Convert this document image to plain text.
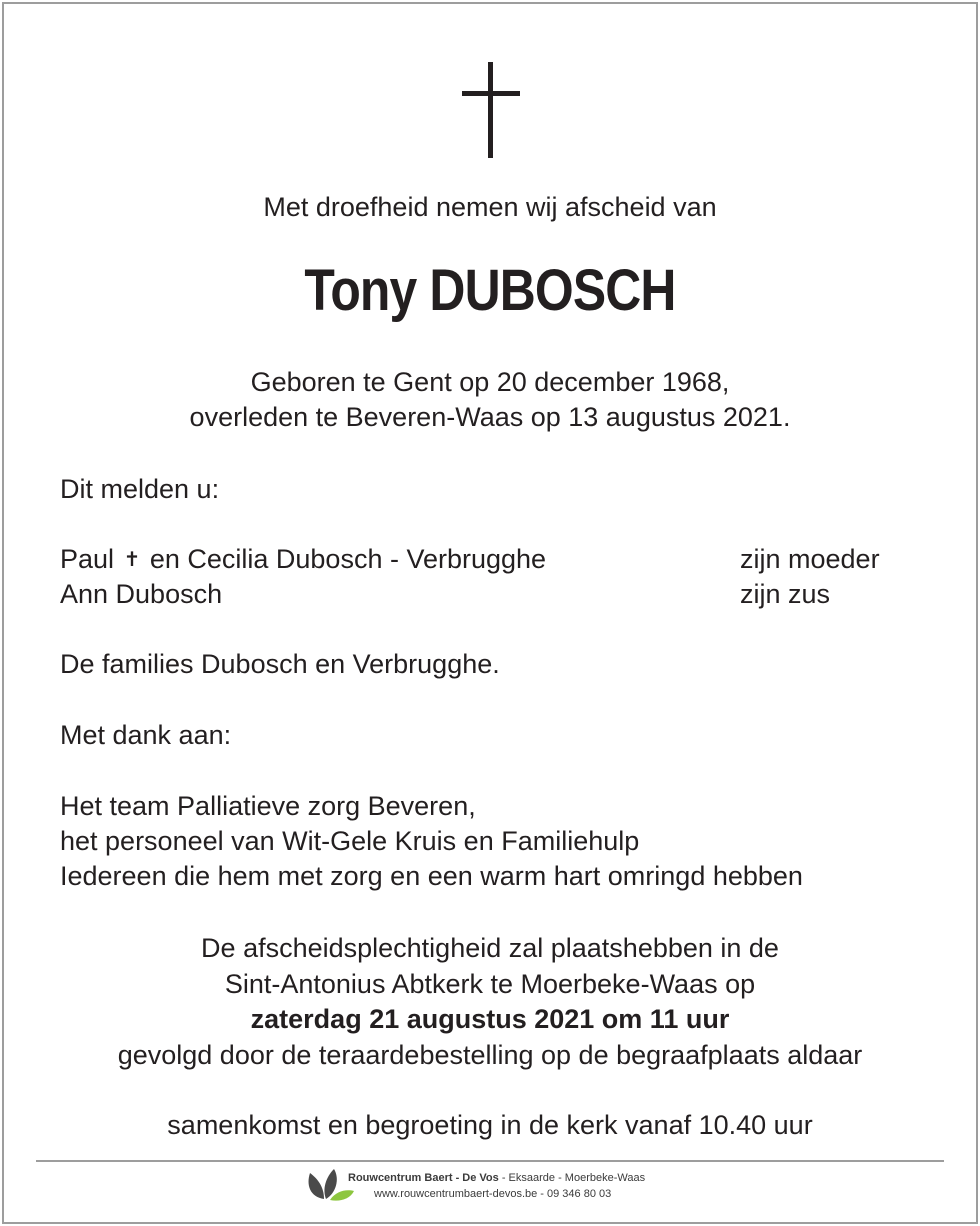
Met droefheid nemen wij afscheid van
Tony DUBOSCH
Geboren te Gent op 20 december 1968,
overleden te Beveren-Waas op 13 augustus 2021.
Dit melden u:
Paul ✝ en Cecilia Dubosch - Verbrugghe	zijn moeder
Ann Dubosch	zijn zus
De families Dubosch en Verbrugghe.
Met dank aan:
Het team Palliatieve zorg Beveren,
het personeel van Wit-Gele Kruis en Familiehulp
Iedereen die hem met zorg en een warm hart omringd hebben
De afscheidsplechtigheid zal plaatshebben in de
Sint-Antonius Abtkerk te Moerbeke-Waas op
zaterdag 21 augustus 2021 om 11 uur
gevolgd door de teraardebestelling op de begraafplaats aldaar
samenkomst en begroeting in de kerk vanaf 10.40 uur
Rouwcentrum Baert - De Vos - Eksaarde - Moerbeke-Waas
www.rouwcentrumbaert-devos.be - 09 346 80 03
